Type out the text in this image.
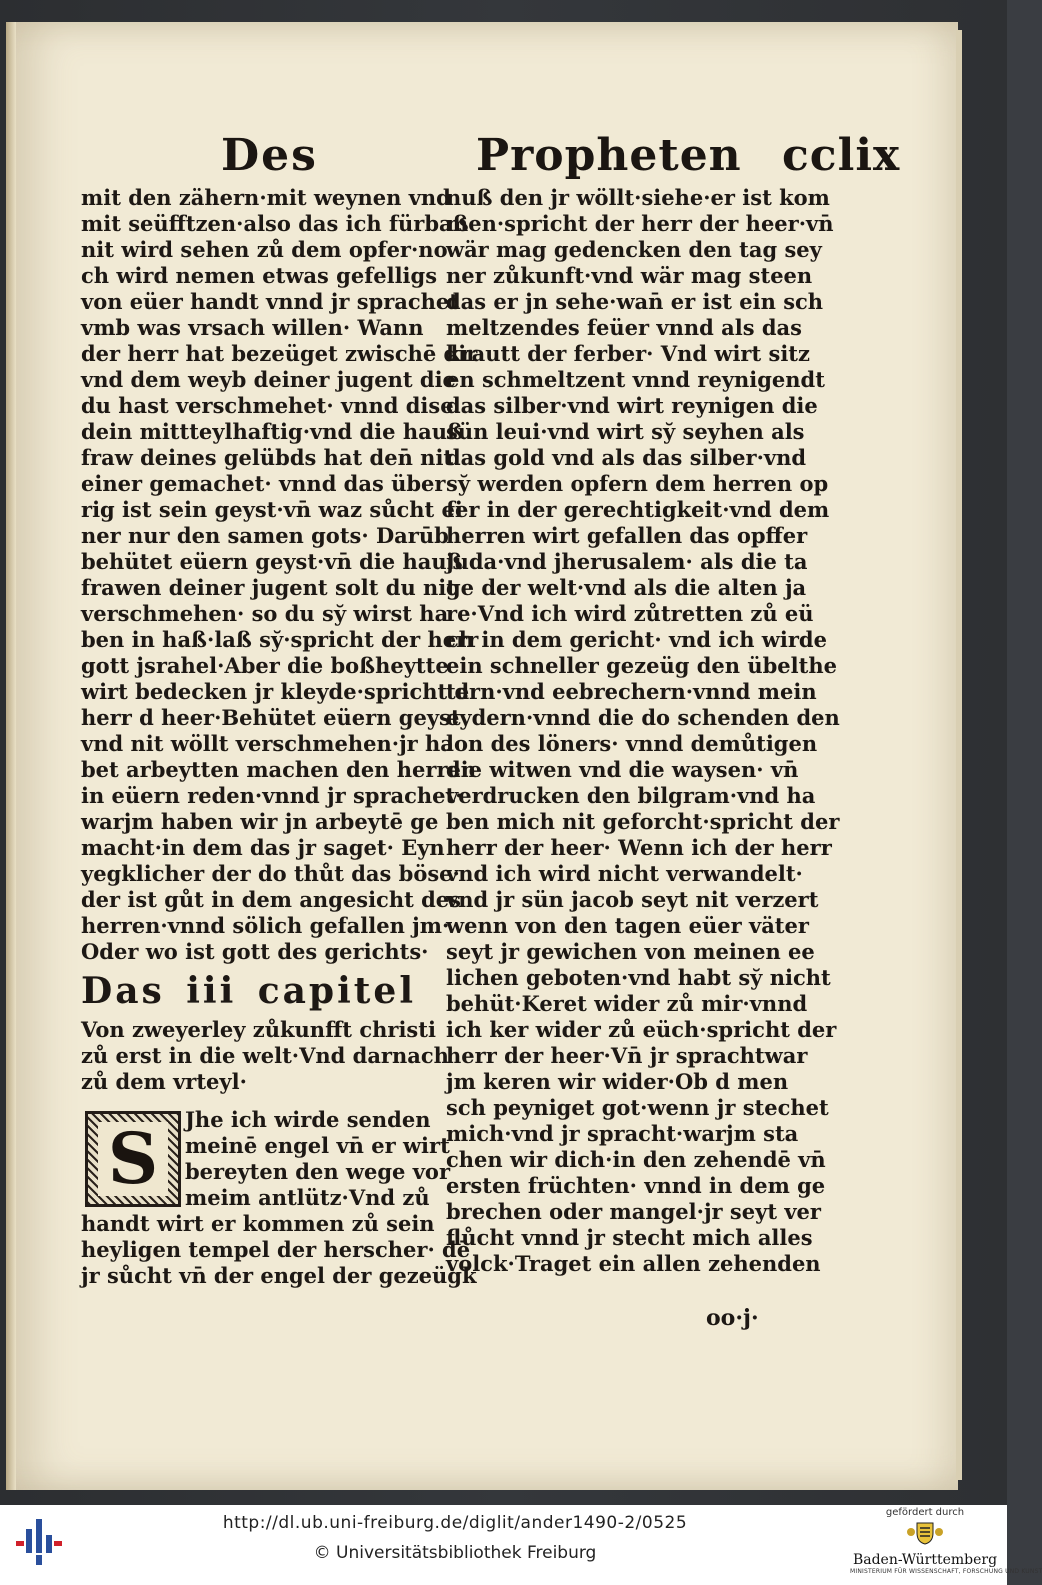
Des	Propheten cclix
mit den zähern·mit weynen vnd
mit seüfftzen·also das ich fürbaß
nit wird sehen zů dem opfer·no
ch wird nemen etwas gefelligs
von eüer handt vnnd jr sprachet
vmb was vrsach willen· Wann
der herr hat bezeüget zwischē dir
vnd dem weyb deiner jugent die
du hast verschmehet· vnnd dise
dein mittteylhaftig·vnd die hauß
fraw deines gelübds hat den̄ nit
einer gemachet· vnnd das über
rig ist sein geyst·vn̄ waz sůcht ei
ner nur den samen gots· Darūb
behütet eüern geyst·vn̄ die hauß
frawen deiner jugent solt du nit
verschmehen· so du sy̆ wirst ha
ben in haß·laß sy̆·spricht der herr
gott jsrahel·Aber die boßheytte
wirt bedecken jr kleyde·spricht d
herr d heer·Behütet eüern geyst
vnd nit wöllt verschmehen·jr ha
bet arbeytten machen den herren
in eüern reden·vnnd jr sprachet·
warjm haben wir jn arbeytē ge
macht·in dem das jr saget· Eyn
yegklicher der do thůt das böse·
der ist gůt in dem angesicht des
herren·vnnd sölich gefallen jm·
Oder wo ist gott des gerichts·
Das iii capitel
Von zweyerley zůkunfft christi
zů erst in die welt·Vnd darnach
zů dem vrteyl·
S	Jhe ich wirde senden
meinē engel vn̄ er wirt
bereyten den wege vor
meim antlütz·Vnd zů
handt wirt er kommen zů sein
heyligen tempel der herscher· dē
jr sůcht vn̄ der engel der gezeügk
nuß den jr wöllt·siehe·er ist kom
men·spricht der herr der heer·vn̄
wär mag gedencken den tag sey
ner zůkunft·vnd wär mag steen
das er jn sehe·wan̄ er ist ein sch
meltzendes feüer vnnd als das
krautt der ferber· Vnd wirt sitz
en schmeltzent vnnd reynigendt
das silber·vnd wirt reynigen die
sün leui·vnd wirt sy̆ seyhen als
das gold vnd als das silber·vnd
sy̆ werden opfern dem herren op
fer in der gerechtigkeit·vnd dem
herren wirt gefallen das opffer
juda·vnd jherusalem· als die ta
ge der welt·vnd als die alten ja
re·Vnd ich wird zůtretten zů eü
ch in dem gericht· vnd ich wirde
ein schneller gezeüg den übelthe
tern·vnd eebrechern·vnnd mein
eydern·vnnd die do schenden den
lon des löners· vnnd demůtigen
die witwen vnd die waysen· vn̄
verdrucken den bilgram·vnd ha
ben mich nit geforcht·spricht der
herr der heer· Wenn ich der herr
vnd ich wird nicht verwandelt·
vnd jr sün jacob seyt nit verzert
wenn von den tagen eüer väter
seyt jr gewichen von meinen ee
lichen geboten·vnd habt sy̆ nicht
behüt·Keret wider zů mir·vnnd
ich ker wider zů eüch·spricht der
herr der heer·Vn̄ jr sprachtwar
jm keren wir wider·Ob d men
sch peyniget got·wenn jr stechet
mich·vnd jr spracht·warjm sta
chen wir dich·in den zehendē vn̄
ersten früchten· vnnd in dem ge
brechen oder mangel·jr seyt ver
flůcht vnnd jr stecht mich alles
volck·Traget ein allen zehenden
oo·j·
http://dl.ub.uni-freiburg.de/diglit/ander1490-2/0525
© Universitätsbibliothek Freiburg
gefördert durch
Baden-Württemberg
MINISTERIUM FÜR WISSENSCHAFT, FORSCHUNG UND KUNST
